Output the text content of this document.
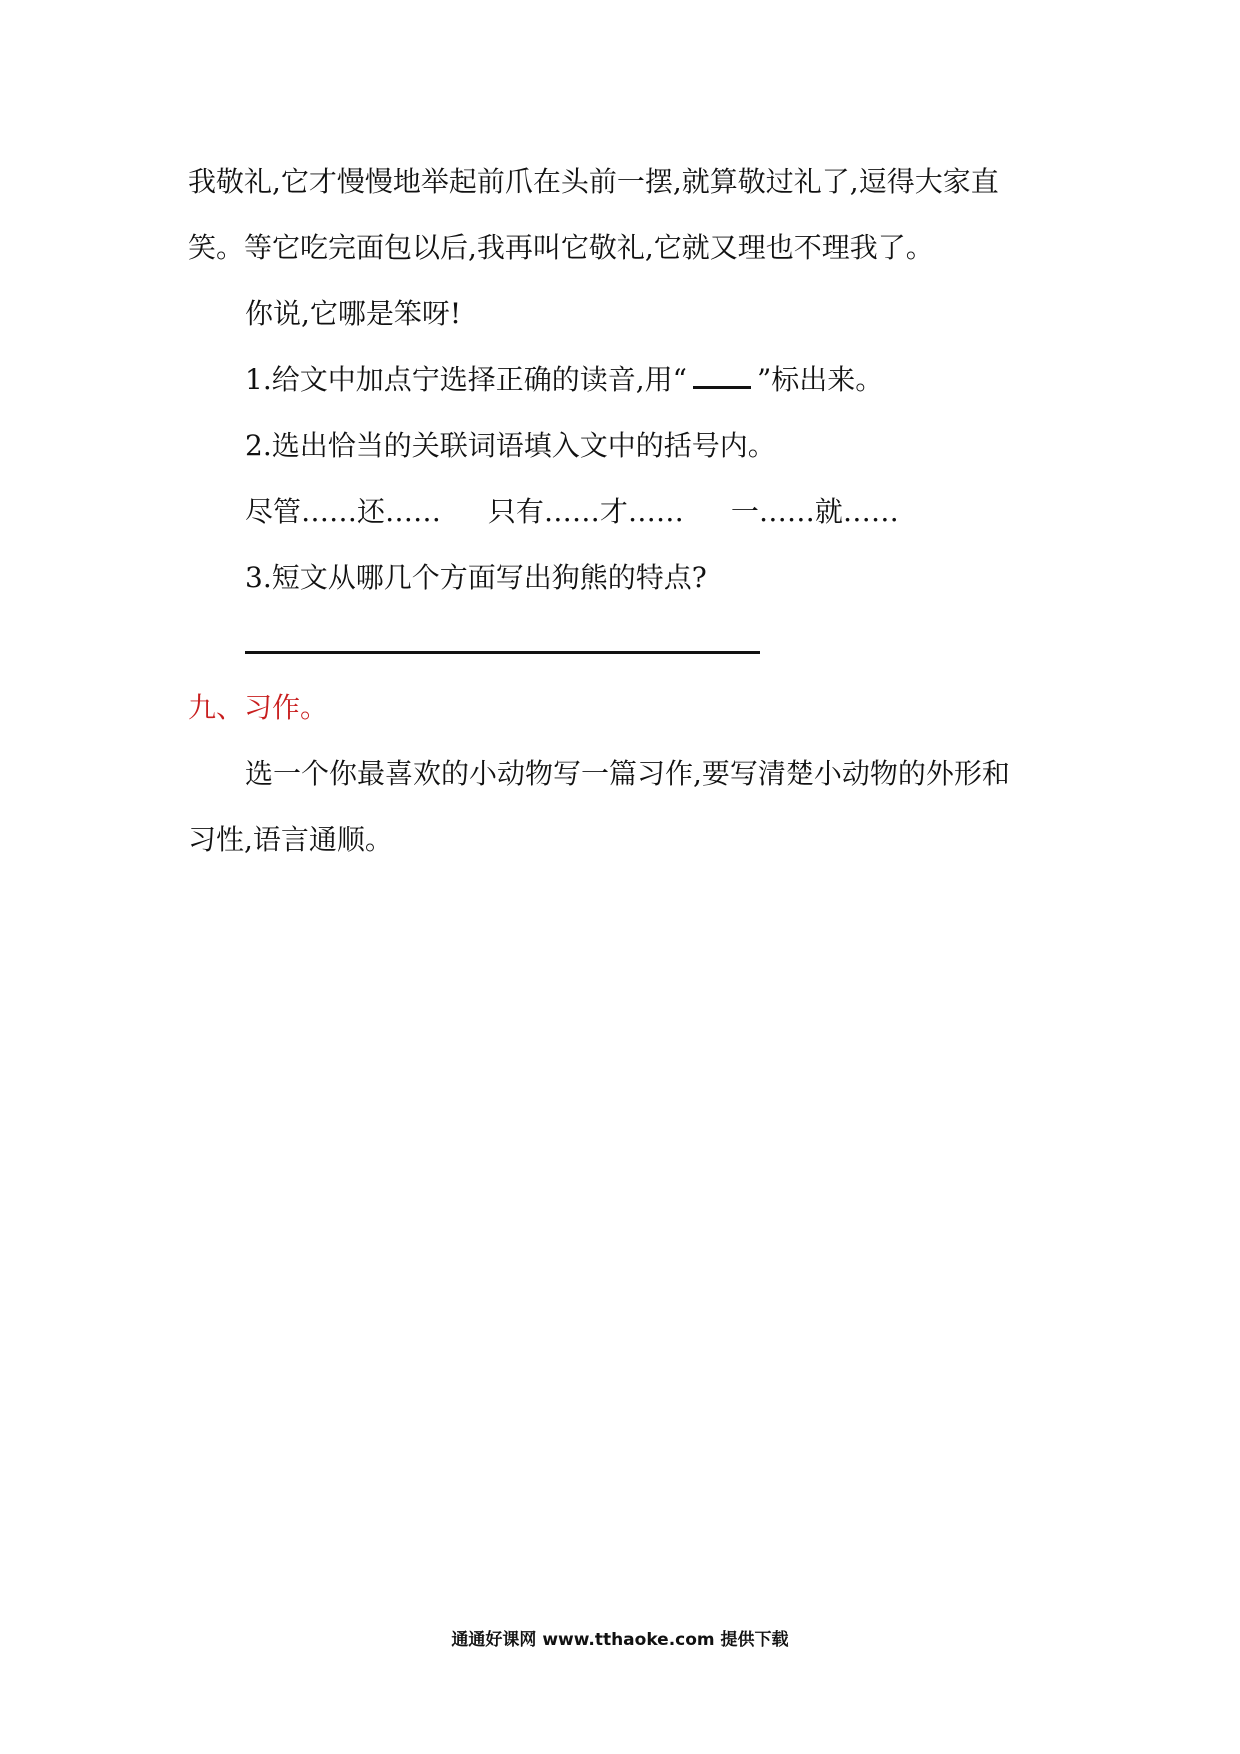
我敬礼,它才慢慢地举起前爪在头前一摆,就算敬过礼了,逗得大家直
笑。等它吃完面包以后,我再叫它敬礼,它就又理也不理我了。
你说,它哪是笨呀!
1.给文中加点宁选择正确的读音,用“	”标出来。
2.选出恰当的关联词语填入文中的括号内。
尽管……还…… 只有……才…… 一……就……
3.短文从哪几个方面写出狗熊的特点?
九、习作。
选一个你最喜欢的小动物写一篇习作,要写清楚小动物的外形和
习性,语言通顺。
通通好课网 www.tthaoke.com 提供下载
